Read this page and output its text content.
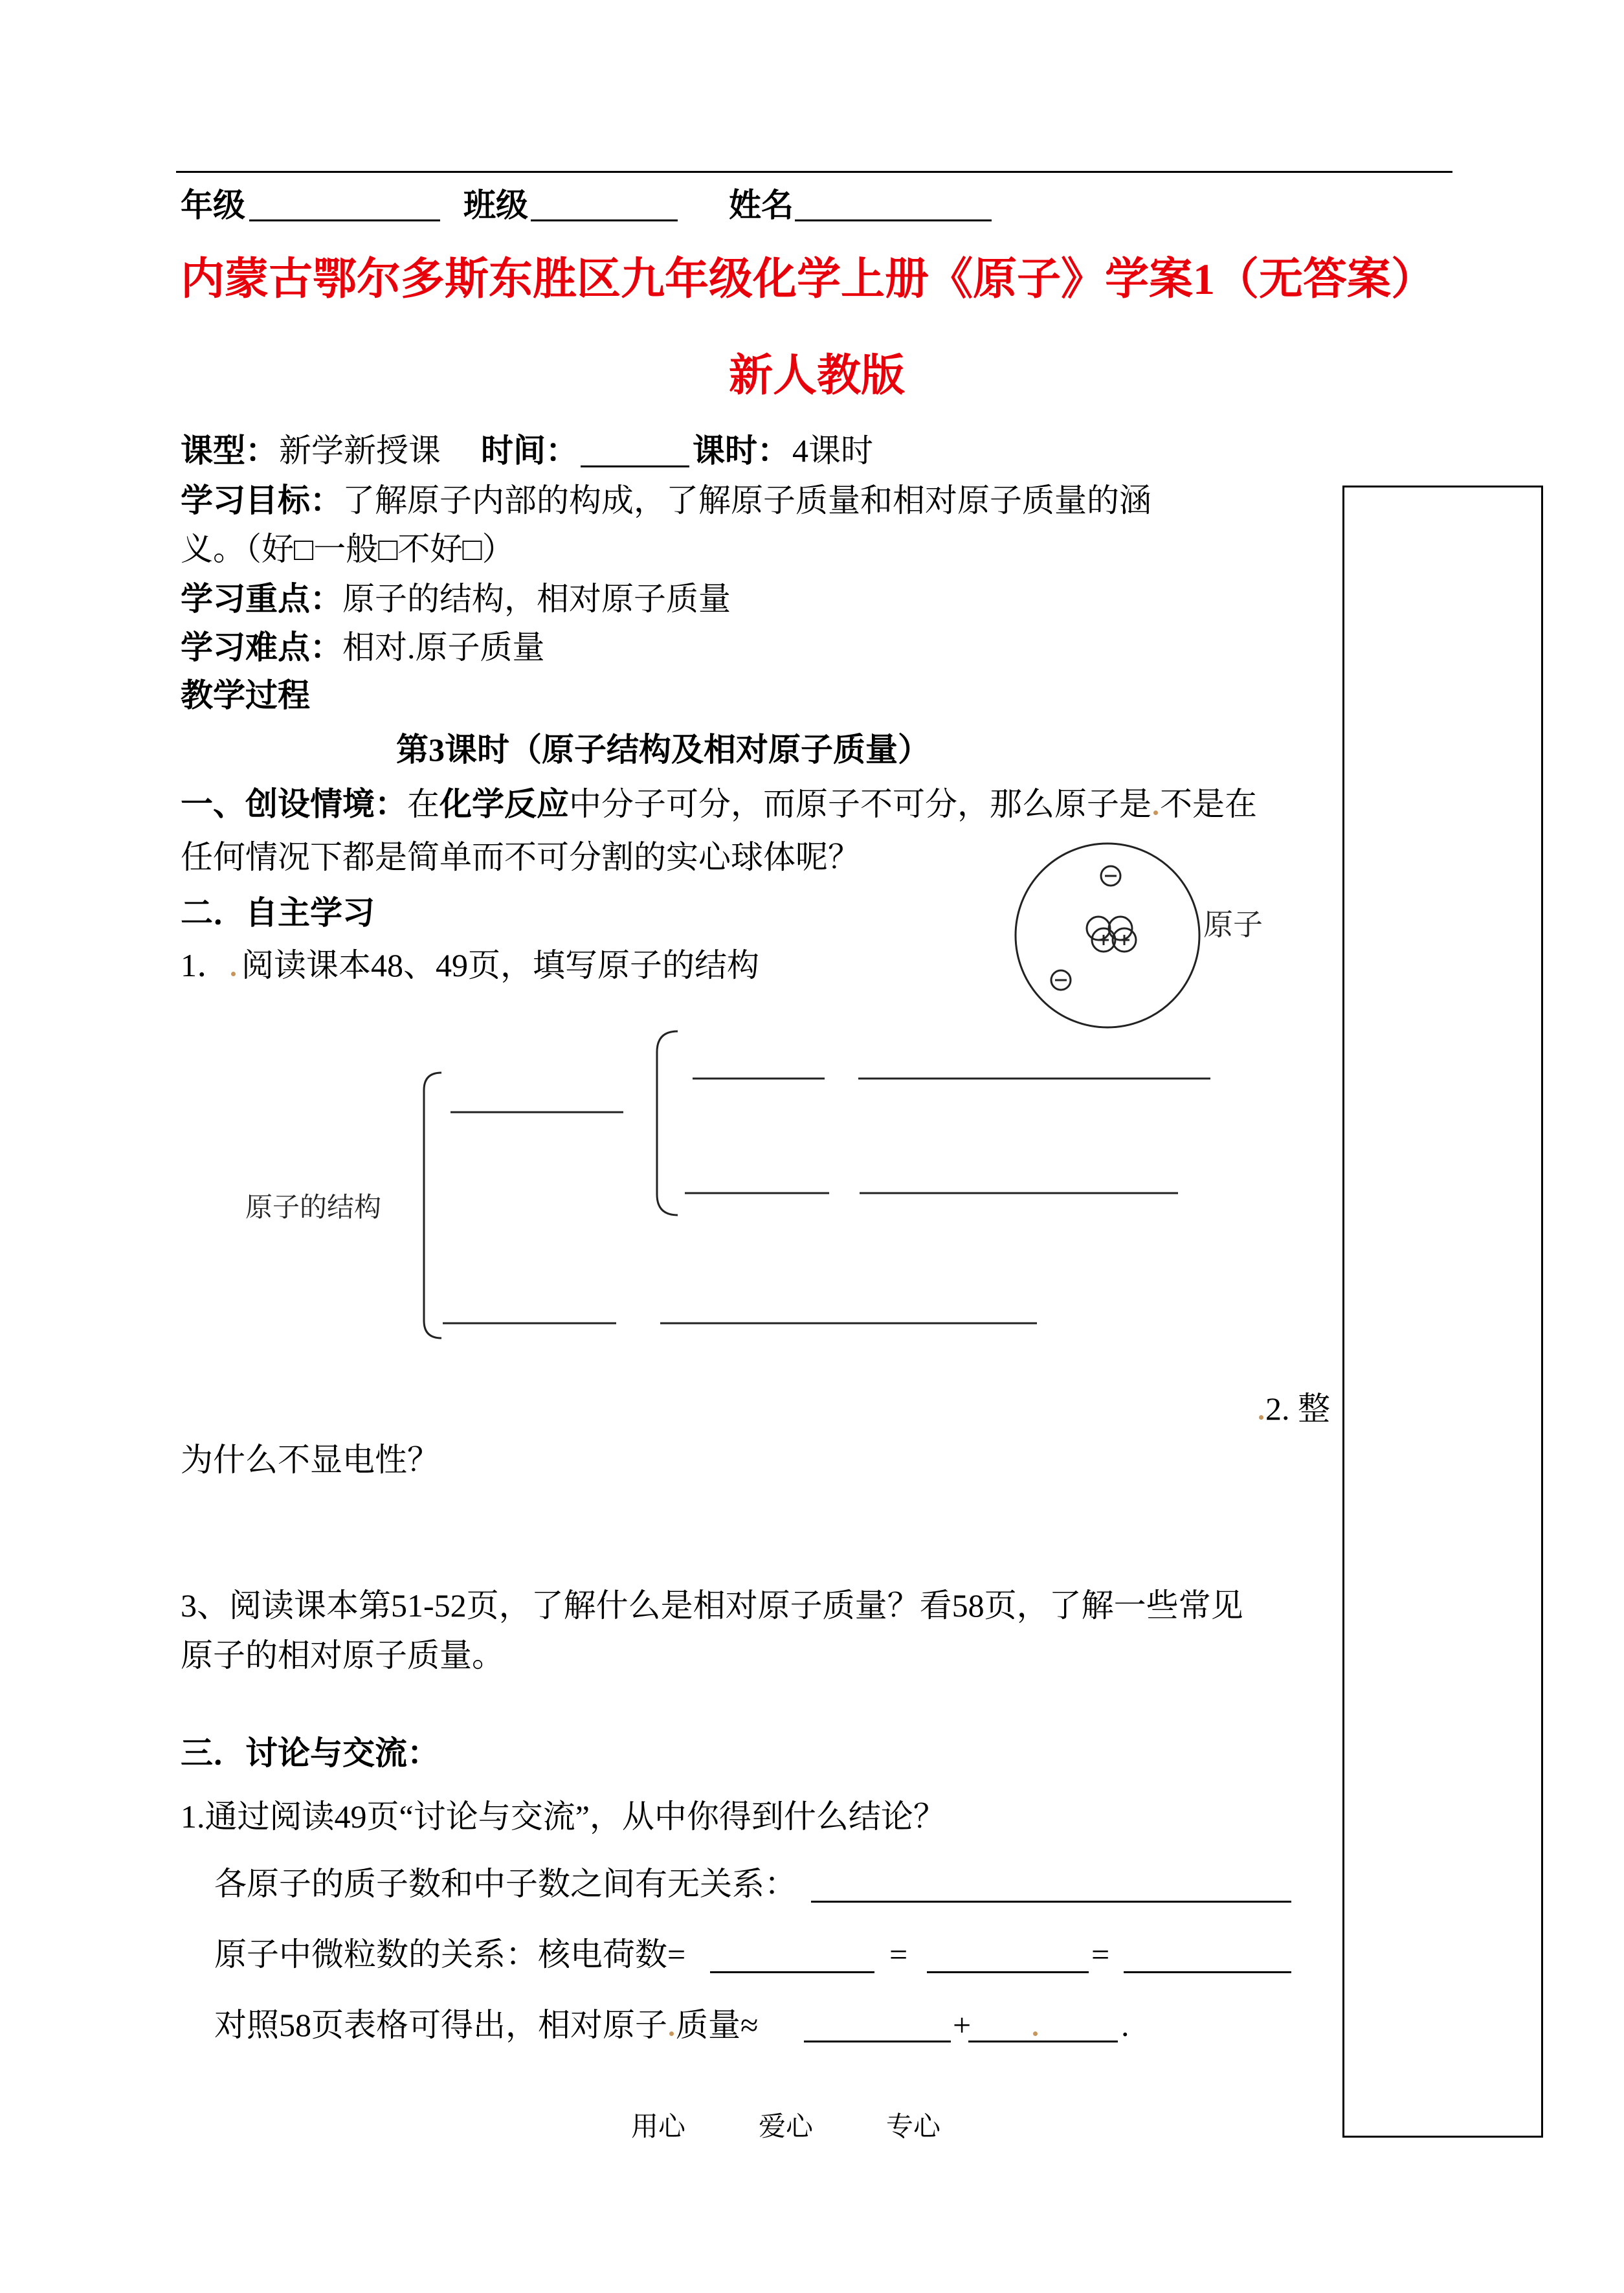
年级	班级	姓名
内蒙古鄂尔多斯东胜区九年级化学上册《原子》学案1（无答案）
新人教版
课型： 新学新授课 时间：	课时： 4课时
学习目标：了解原子内部的构成，了解原子质量和相对原子质量的涵
义。（好□一般□不好□）
学习重点：原子的结构，相对原子质量
学习难点：相对.原子质量
教学过程
第3课时（原子结构及相对原子质量）
一、创设情境：在化学反应中分子可分，而原子不可分，那么原子是 不是在
任何情况下都是简单而不可分割的实心球体呢？
二．自主学习
1． 阅读课本48、49页，填写原子的结构
原子
原子的结构
2. 整
为什么不显电性？
3、阅读课本第51-52页，了解什么是相对原子质量？看58页，了解一些常见
原子的相对原子质量。
三．讨论与交流：
1.通过阅读49页“讨论与交流”，从中你得到什么结论？
各原子的质子数和中子数之间有无关系：
原子中微粒数的关系：核电荷数=	=	=
对照58页表格可得出，相对原子 质量≈	+	.
用心	爱心	专心
